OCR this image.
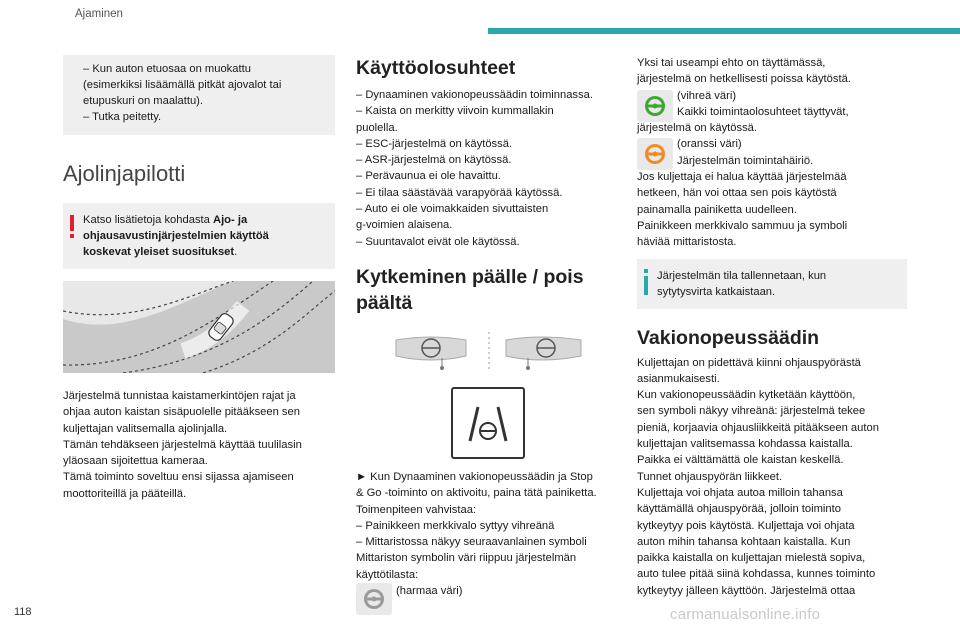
Ajaminen
– Kun auton etuosaa on muokattu
(esimerkiksi lisäämällä pitkät ajovalot tai
etupuskuri on maalattu).
– Tutka peitetty.
Ajolinjapilotti
Katso lisätietoja kohdasta Ajo- ja
ohjausavustinjärjestelmien käyttöä
koskevat yleiset suositukset.
Järjestelmä tunnistaa kaistamerkintöjen rajat ja
ohjaa auton kaistan sisäpuolelle pitääkseen sen
kuljettajan valitsemalla ajolinjalla.
Tämän tehdäkseen järjestelmä käyttää tuulilasin
yläosaan sijoitettua kameraa.
Tämä toiminto soveltuu ensi sijassa ajamiseen
moottoriteillä ja pääteillä.
Käyttöolosuhteet
– Dynaaminen vakionopeussäädin toiminnassa.
– Kaista on merkitty viivoin kummallakin
puolella.
– ESC-järjestelmä on käytössä.
– ASR-järjestelmä on käytössä.
– Perävaunua ei ole havaittu.
– Ei tilaa säästävää varapyörää käytössä.
– Auto ei ole voimakkaiden sivuttaisten
g-voimien alaisena.
– Suuntavalot eivät ole käytössä.
Kytkeminen päälle / pois
päältä
► Kun Dynaaminen vakionopeussäädin ja Stop
& Go -toiminto on aktivoitu, paina tätä painiketta.
Toimenpiteen vahvistaa:
– Painikkeen merkkivalo syttyy vihreänä
– Mittaristossa näkyy seuraavanlainen symboli
Mittariston symbolin väri riippuu järjestelmän
käyttötilasta:
(harmaa väri)
Yksi tai useampi ehto on täyttämässä,
järjestelmä on hetkellisesti poissa käytöstä.
(vihreä väri)
Kaikki toimintaolosuhteet täyttyvät,
järjestelmä on käytössä.
(oranssi väri)
Järjestelmän toimintahäiriö.
Jos kuljettaja ei halua käyttää järjestelmää
hetkeen, hän voi ottaa sen pois käytöstä
painamalla painiketta uudelleen.
Painikkeen merkkivalo sammuu ja symboli
häviää mittaristosta.
Järjestelmän tila tallennetaan, kun
sytytysvirta katkaistaan.
Vakionopeussäädin
Kuljettajan on pidettävä kiinni ohjauspyörästä
asianmukaisesti.
Kun vakionopeussäädin kytketään käyttöön,
sen symboli näkyy vihreänä: järjestelmä tekee
pieniä, korjaavia ohjausliikkeitä pitääkseen auton
kuljettajan valitsemassa kohdassa kaistalla.
Paikka ei välttämättä ole kaistan keskellä.
Tunnet ohjauspyörän liikkeet.
Kuljettaja voi ohjata autoa milloin tahansa
käyttämällä ohjauspyörää, jolloin toiminto
kytkeytyy pois käytöstä. Kuljettaja voi ohjata
auton mihin tahansa kohtaan kaistalla. Kun
paikka kaistalla on kuljettajan mielestä sopiva,
auto tulee pitää siinä kohdassa, kunnes toiminto
kytkeytyy jälleen käyttöön. Järjestelmä ottaa
118	carmanualsonline.info
